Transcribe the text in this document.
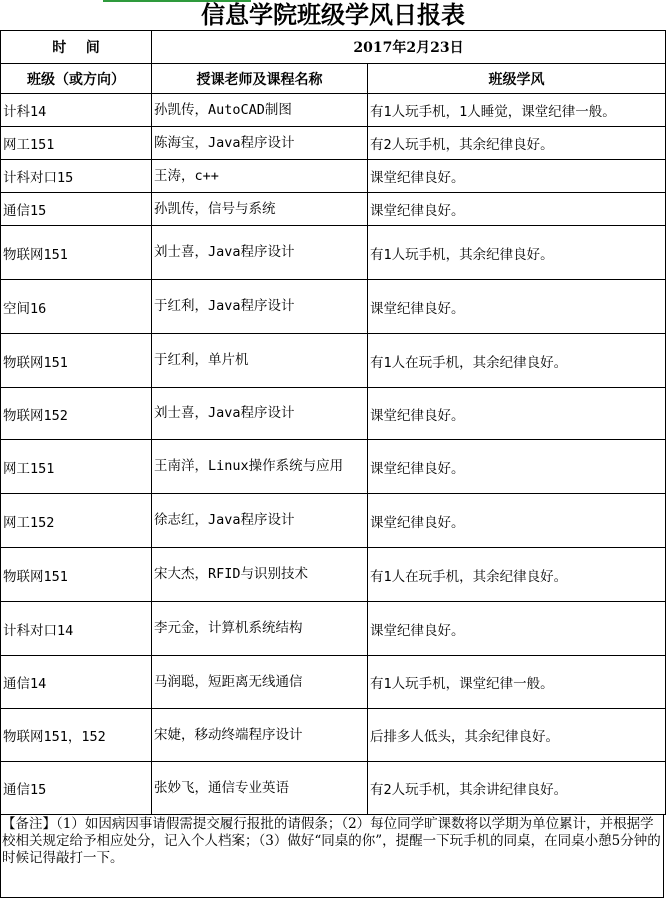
信息学院班级学风日报表
时    间	2017年2月23日	
班级（或方向）	授课老师及课程名称	班级学风
计科14	孙凯传，AutoCAD制图	有1人玩手机，1人睡觉，课堂纪律一般。
网工151	陈海宝，Java程序设计	有2人玩手机，其余纪律良好。
计科对口15	王涛，c++	课堂纪律良好。
通信15	孙凯传，信号与系统	课堂纪律良好。
物联网151	刘士喜，Java程序设计	有1人玩手机，其余纪律良好。
空间16	于红利，Java程序设计	课堂纪律良好。
物联网151	于红利，单片机	有1人在玩手机，其余纪律良好。
物联网152	刘士喜，Java程序设计	课堂纪律良好。
网工151	王南洋，Linux操作系统与应用	课堂纪律良好。
网工152	徐志红，Java程序设计	课堂纪律良好。
物联网151	宋大杰，RFID与识别技术	有1人在玩手机，其余纪律良好。
计科对口14	李元金，计算机系统结构	课堂纪律良好。
通信14	马润聪，短距离无线通信	有1人玩手机，课堂纪律一般。
物联网151，152	宋婕，移动终端程序设计	后排多人低头，其余纪律良好。
通信15	张妙飞，通信专业英语	有2人玩手机，其余讲纪律良好。
【备注】（1）如因病因事请假需提交履行报批的请假条；（2）每位同学旷课数将以学期为单位累计，并根据学校相关规定给予相应处分，记入个人档案；（3）做好“同桌的你”，提醒一下玩手机的同桌，在同桌小憩5分钟的时候记得敲打一下。
